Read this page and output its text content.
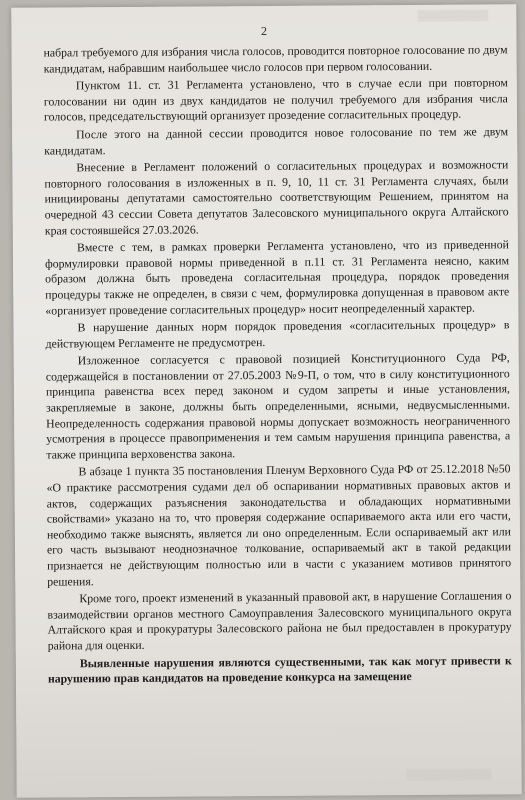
▒▒▒▒▒▒▒▒▒▒
2

набрал требуемого для избрания числа голосов, проводится повторное голосование по двум кандидатам, набравшим наибольшее число голосов при первом голосовании.

Пунктом 11. ст. 31 Регламента установлено, что в случае если при повторном голосовании ни один из двух кандидатов не получил требуемого для избрания числа голосов, председательствующий организует прозедение согласительных процедур.

После этого на данной сессии проводится новое голосование по тем же двум кандидатам.

Внесение в Регламент положений о согласительных процедурах и возможности повторного голосования в изложенных в п. 9, 10, 11 ст. 31 Регламента случаях, были инициированы депутатами самостоятельно соответствующим Решением, принятом на очередной 43 сессии Совета депутатов Залесовского муниципального округа Алтайского края состоявшейся 27.03.2026.

Вместе с тем, в рамках проверки Регламента установлено, что из приведенной формулировки правовой нормы приведенной в п.11 ст. 31 Регламента неясно, каким образом должна быть проведена согласительная процедура, порядок проведения процедуры также не определен, в связи с чем, формулировка допущенная в правовом акте «организует проведение согласительных процедур» носит неопределенный характер.

В нарушение данных норм порядок проведения «согласительных процедур» в действующем Регламенте не предусмотрен.

Изложенное согласуется с правовой позицией Конституционного Суда РФ, содержащейся в постановлении от 27.05.2003 №9-П, о том, что в силу конституционного принципа равенства всех перед законом и судом запреты и иные установления, закрепляемые в законе, должны быть определенными, ясными, недвусмысленными. Неопределенность содержания правовой нормы допускает возможность неограниченного усмотрения в процессе правоприменения и тем самым нарушения принципа равенства, а также принципа верховенства закона.

В абзаце 1 пункта 35 постановления Пленум Верховного Суда РФ от 25.12.2018 №50 «О практике рассмотрения судами дел об оспаривании нормативных правовых актов и актов, содержащих разъяснения законодательства и обладающих нормативными свойствами» указано на то, что проверяя содержание оспариваемого акта или его части, необходимо также выяснять, является ли оно определенным. Если оспариваемый акт или его часть вызывают неоднозначное толкование, оспариваемый акт в такой редакции признается не действующим полностью или в части с указанием мотивов принятого решения.

Кроме того, проект изменений в указанный правовой акт, в нарушение Соглашения о взаимодействии органов местного Самоуправления Залесовского муниципального округа Алтайского края и прокуратуры Залесовского района не был предоставлен в прокуратуру района для оценки.

Выявленные нарушения являются существенными, так как могут привести к нарушению прав кандидатов на проведение конкурса на замещение

▒▒▒▒▒▒▒▒▒▒▒▒
